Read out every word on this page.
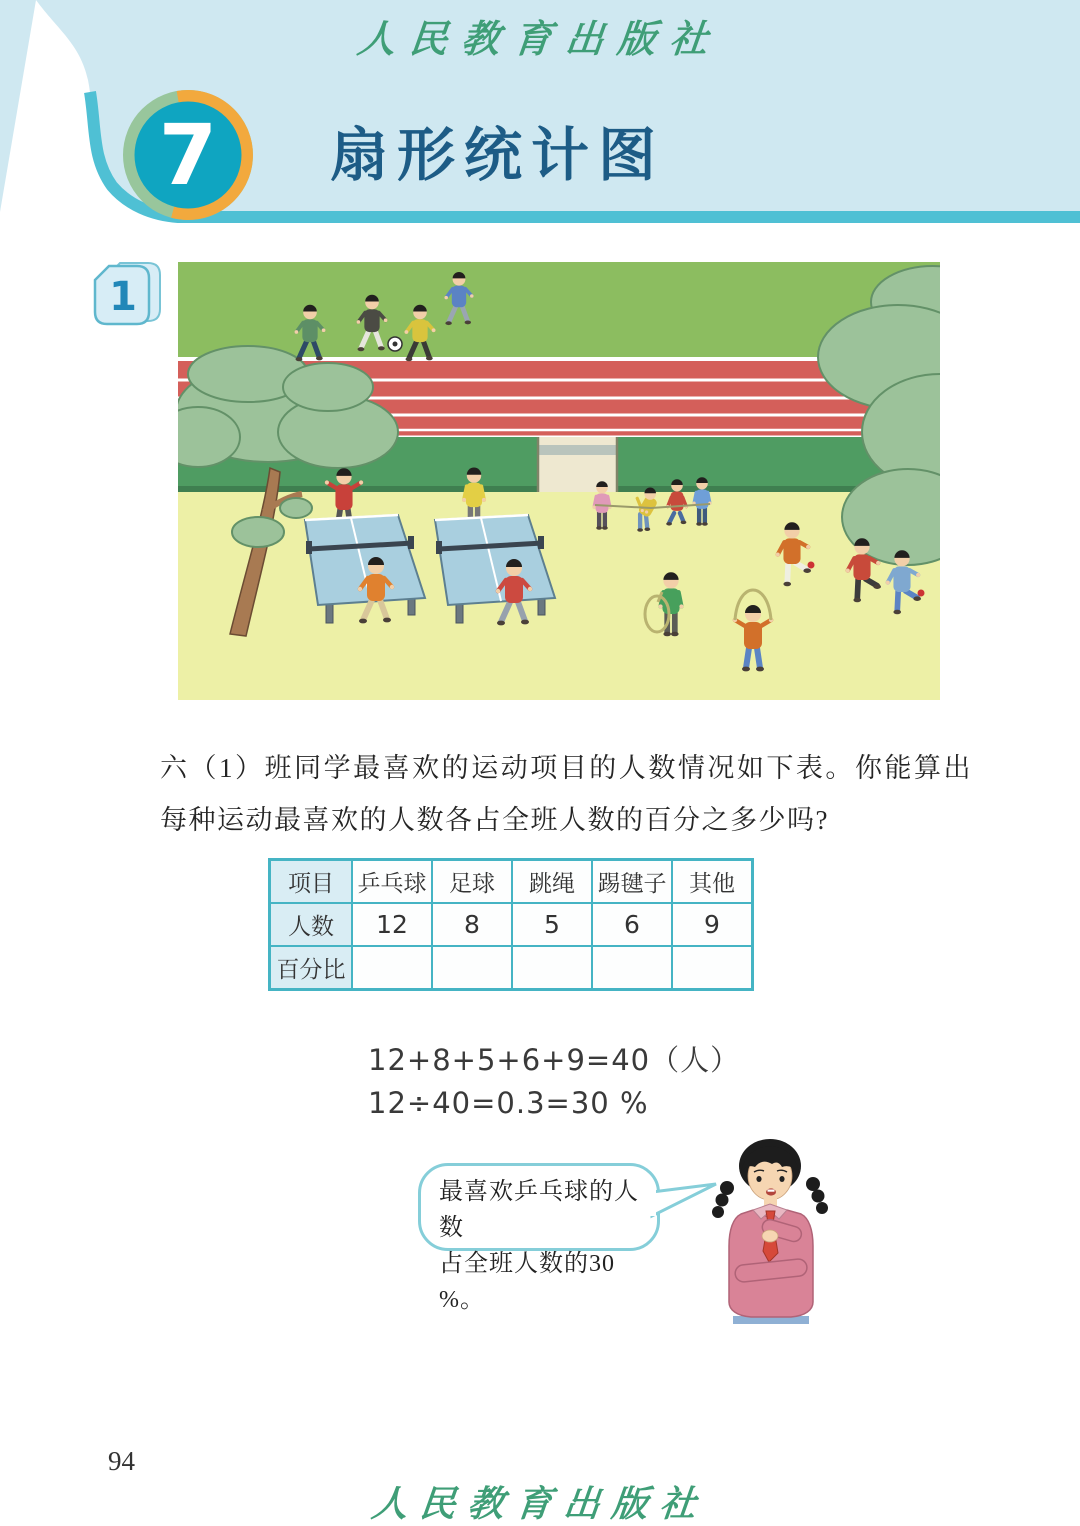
7
人民教育出版社
扇形统计图
1
六（1）班同学最喜欢的运动项目的人数情况如下表。你能算出每种运动最喜欢的人数各占全班人数的百分之多少吗?
项目	乒乓球	足球	跳绳	踢毽子	其他
人数	12	8	5	6	9
百分比					
12+8+5+6+9=40（人）
12÷40=0.3=30 %
最喜欢乒乓球的人数
占全班人数的30 %。
94
人民教育出版社
